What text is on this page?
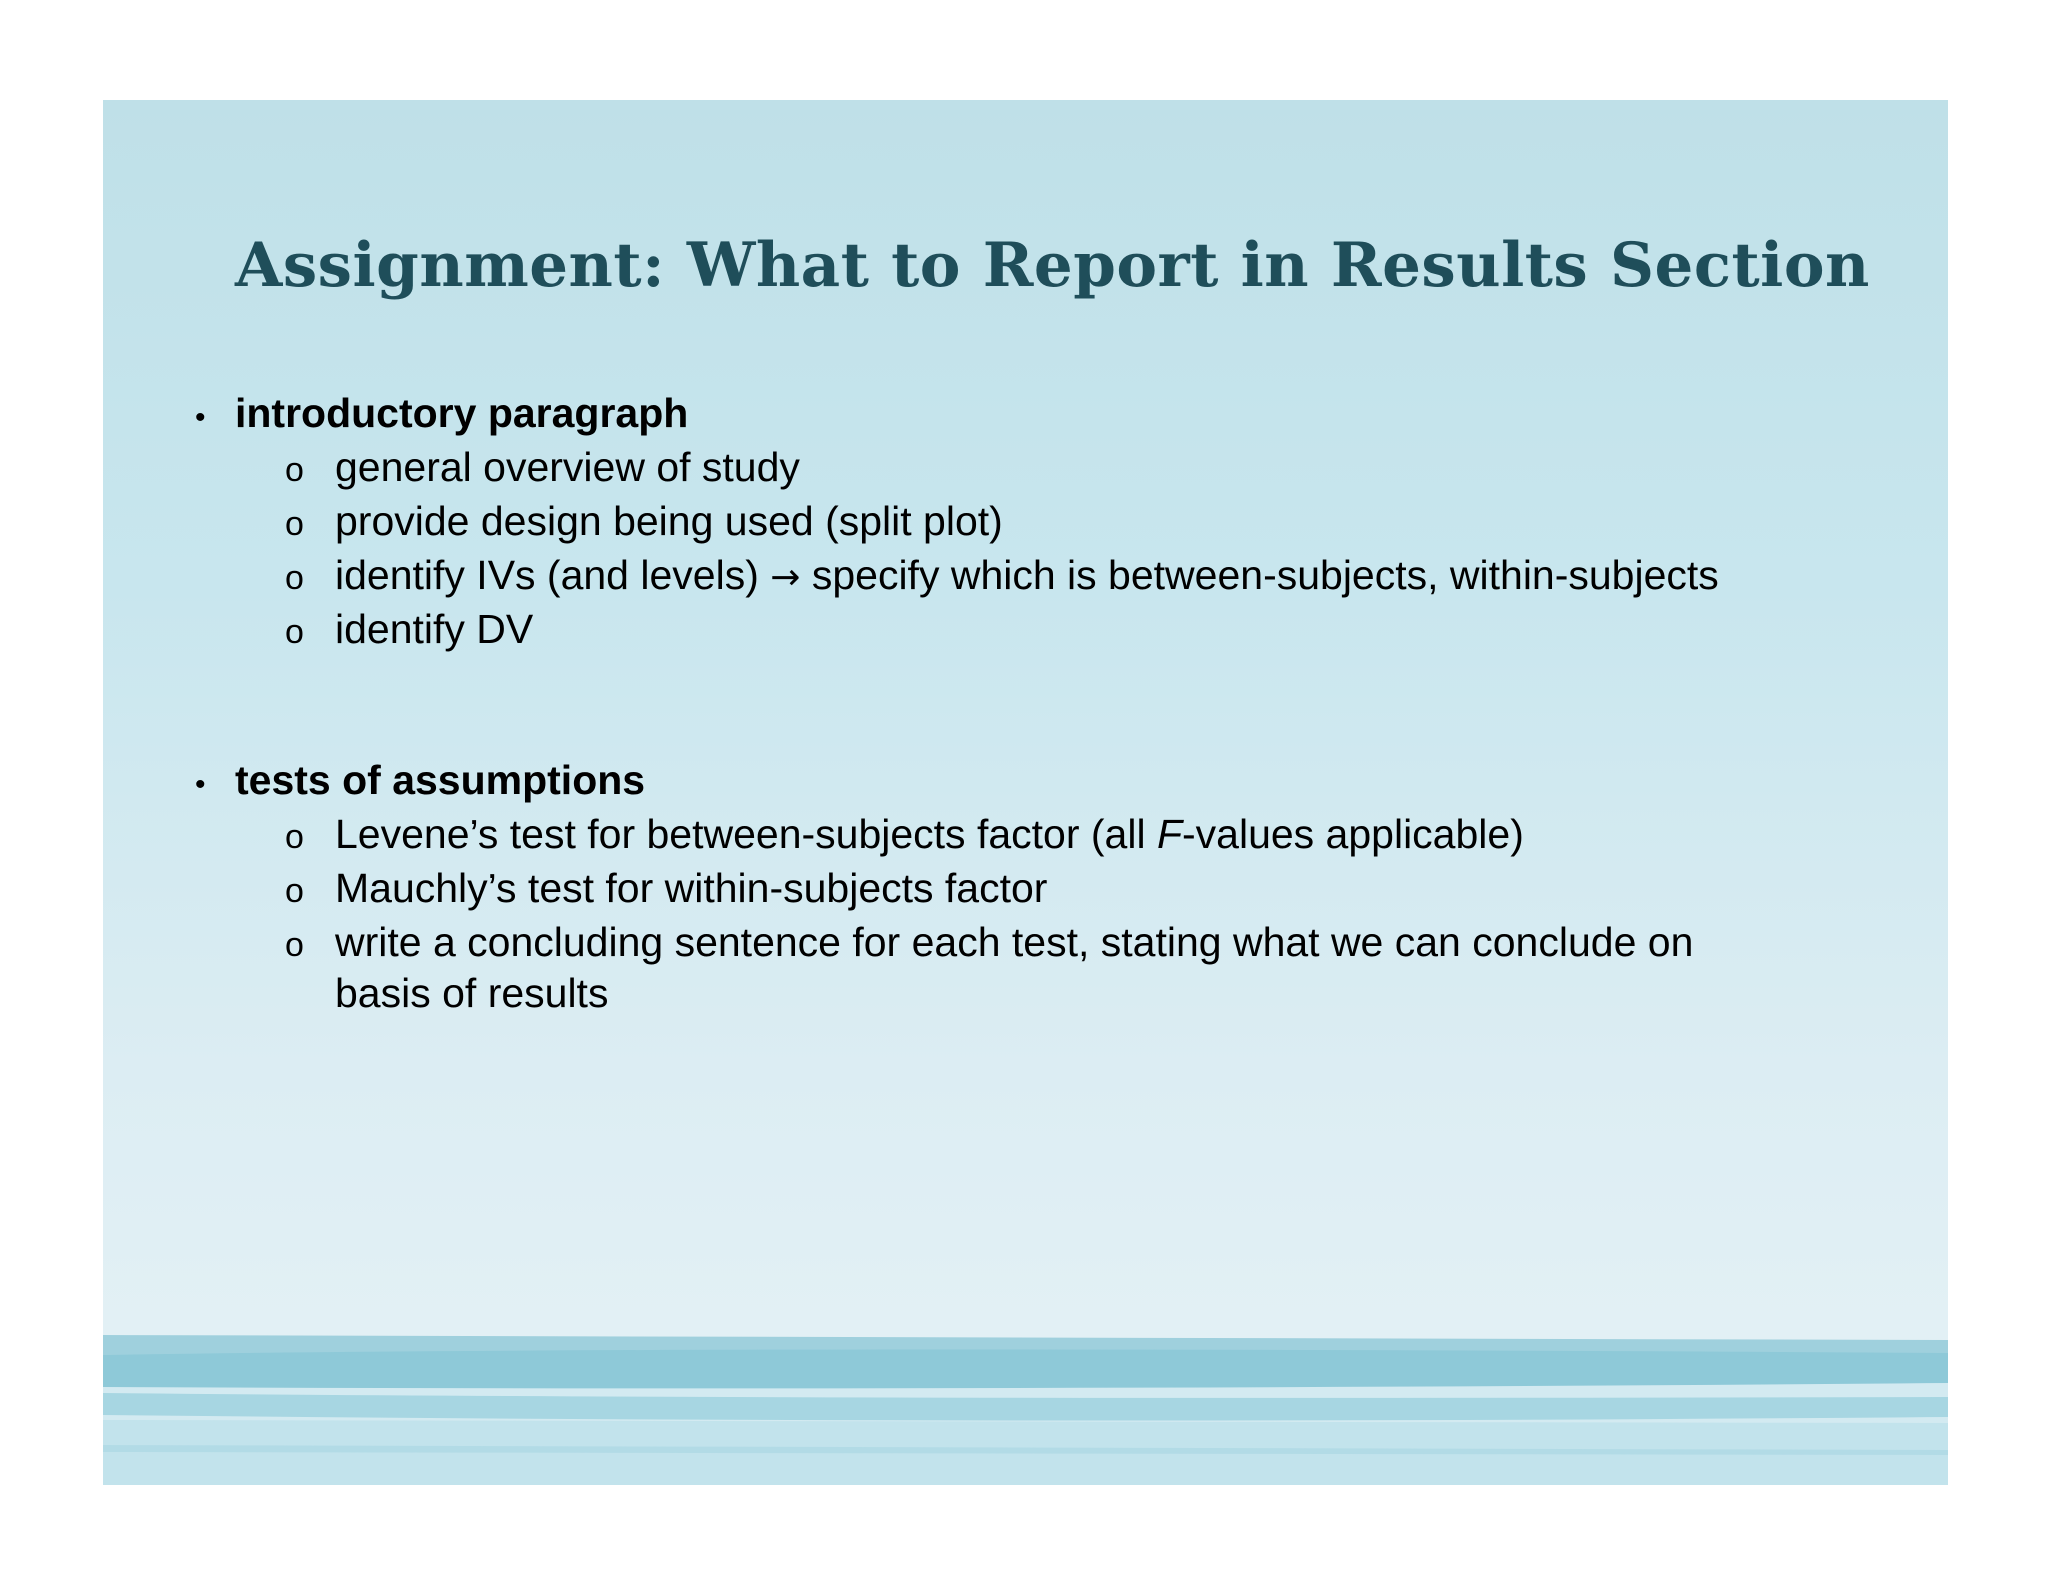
Assignment: What to Report in Results Section
• introductory paragraph
o general overview of study
o provide design being used (split plot)
o identify IVs (and levels) → specify which is between-subjects, within-subjects
o identify DV
• tests of assumptions
o Levene’s test for between-subjects factor (all F-values applicable)
o Mauchly’s test for within-subjects factor
o write a concluding sentence for each test, stating what we can conclude on basis of results
